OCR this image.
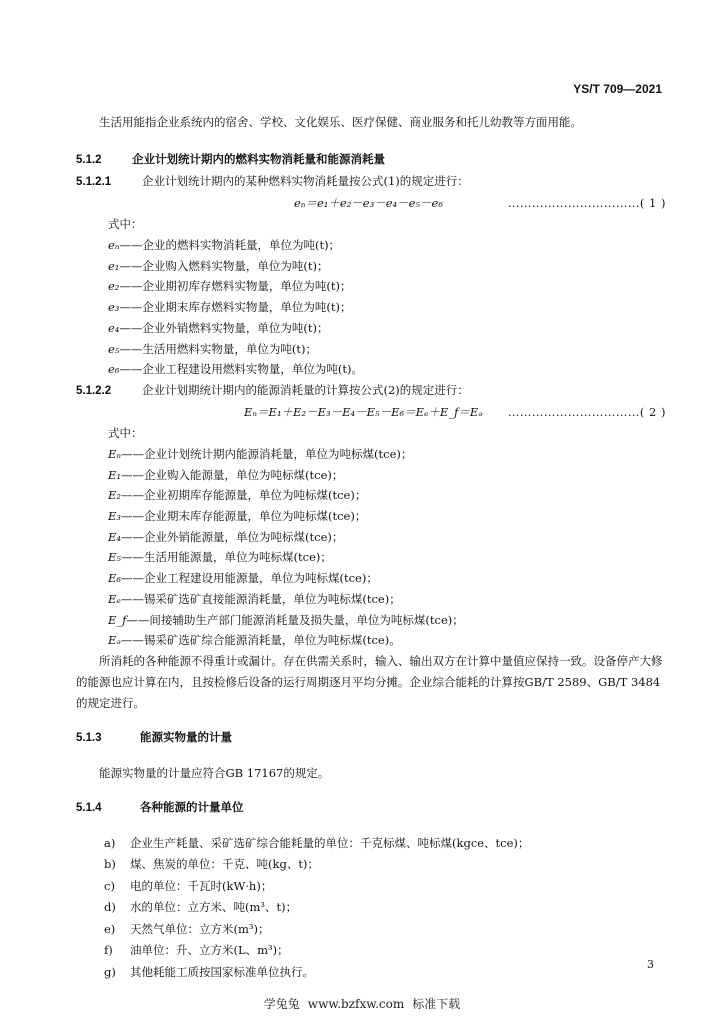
YS/T 709—2021

生活用能指企业系统内的宿舍、学校、文化娱乐、医疗保健、商业服务和托儿幼教等方面用能。

5.1.2	企业计划统计期内的燃料实物消耗量和能源消耗量

5.1.2.1	企业计划统计期内的某种燃料实物消耗量按公式(1)的规定进行：

eₙ＝e₁＋e₂－e₃－e₄－e₅－e₆	……………………………( 1 )

式中：

eₙ——企业的燃料实物消耗量，单位为吨(t)；
e₁——企业购入燃料实物量，单位为吨(t)；
e₂——企业期初库存燃料实物量，单位为吨(t)；
e₃——企业期末库存燃料实物量，单位为吨(t)；
e₄——企业外销燃料实物量，单位为吨(t)；
e₅——生活用燃料实物量，单位为吨(t)；
e₆——企业工程建设用燃料实物量，单位为吨(t)。

5.1.2.2	企业计划期统计期内的能源消耗量的计算按公式(2)的规定进行：

Eₙ＝E₁＋E₂－E₃－E₄－E₅－E₆＝Eₑ＋E_f＝Eₔ ……………………………( 2 )

式中：

Eₙ——企业计划统计期内能源消耗量，单位为吨标煤(tce)；
E₁——企业购入能源量，单位为吨标煤(tce)；
E₂——企业初期库存能源量，单位为吨标煤(tce)；
E₃——企业期末库存能源量，单位为吨标煤(tce)；
E₄——企业外销能源量，单位为吨标煤(tce)；
E₅——生活用能源量，单位为吨标煤(tce)；
E₆——企业工程建设用能源量，单位为吨标煤(tce)；
Eₑ——锡采矿选矿直接能源消耗量，单位为吨标煤(tce)；
E_f——间接辅助生产部门能源消耗量及损失量，单位为吨标煤(tce)；
Eₔ——锡采矿选矿综合能源消耗量，单位为吨标煤(tce)。

所消耗的各种能源不得重计或漏计。存在供需关系时，输入、输出双方在计算中量值应保持一致。设备停产大修的能源也应计算在内，且按检修后设备的运行周期逐月平均分摊。企业综合能耗的计算按GB/T 2589、GB/T 3484的规定进行。

5.1.3	能源实物量的计量

能源实物量的计量应符合GB 17167的规定。

5.1.4	各种能源的计量单位

a) 企业生产耗量、采矿选矿综合能耗量的单位：千克标煤、吨标煤(kgce、tce)；
b) 煤、焦炭的单位：千克、吨(kg、t)；
c) 电的单位：千瓦时(kW·h)；
d) 水的单位：立方米、吨(m³、t)；
e) 天然气单位：立方米(m³)；
f) 油单位：升、立方米(L、m³)；
g) 其他耗能工质按国家标准单位执行。
3
学兔兔 www.bzfxw.com 标准下载
